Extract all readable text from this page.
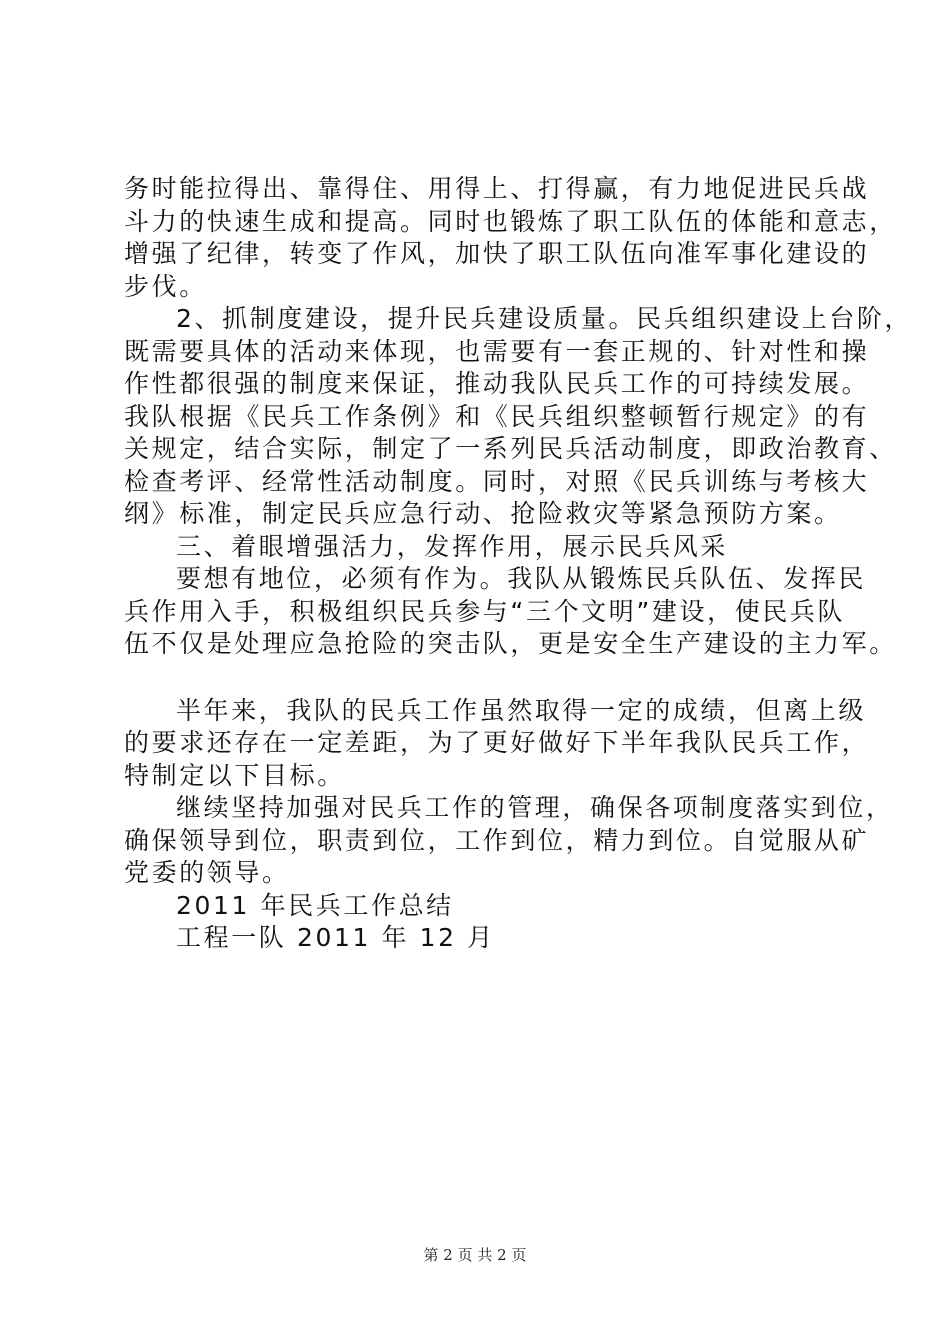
务时能拉得出、靠得住、用得上、打得赢，有力地促进民兵战
斗力的快速生成和提高。同时也锻炼了职工队伍的体能和意志，
增强了纪律，转变了作风，加快了职工队伍向准军事化建设的
步伐。
2、抓制度建设，提升民兵建设质量。民兵组织建设上台阶，
既需要具体的活动来体现，也需要有一套正规的、针对性和操
作性都很强的制度来保证，推动我队民兵工作的可持续发展。
我队根据《民兵工作条例》和《民兵组织整顿暂行规定》的有
关规定，结合实际，制定了一系列民兵活动制度，即政治教育、
检查考评、经常性活动制度。同时，对照《民兵训练与考核大
纲》标准，制定民兵应急行动、抢险救灾等紧急预防方案。
三、着眼增强活力，发挥作用，展示民兵风采
要想有地位，必须有作为。我队从锻炼民兵队伍、发挥民
兵作用入手，积极组织民兵参与“三个文明”建设，使民兵队
伍不仅是处理应急抢险的突击队，更是安全生产建设的主力军。
半年来，我队的民兵工作虽然取得一定的成绩，但离上级
的要求还存在一定差距，为了更好做好下半年我队民兵工作，
特制定以下目标。
继续坚持加强对民兵工作的管理，确保各项制度落实到位，
确保领导到位，职责到位，工作到位，精力到位。自觉服从矿
党委的领导。
2011 年民兵工作总结
工程一队 2011 年 12 月
第 2 页 共 2 页
